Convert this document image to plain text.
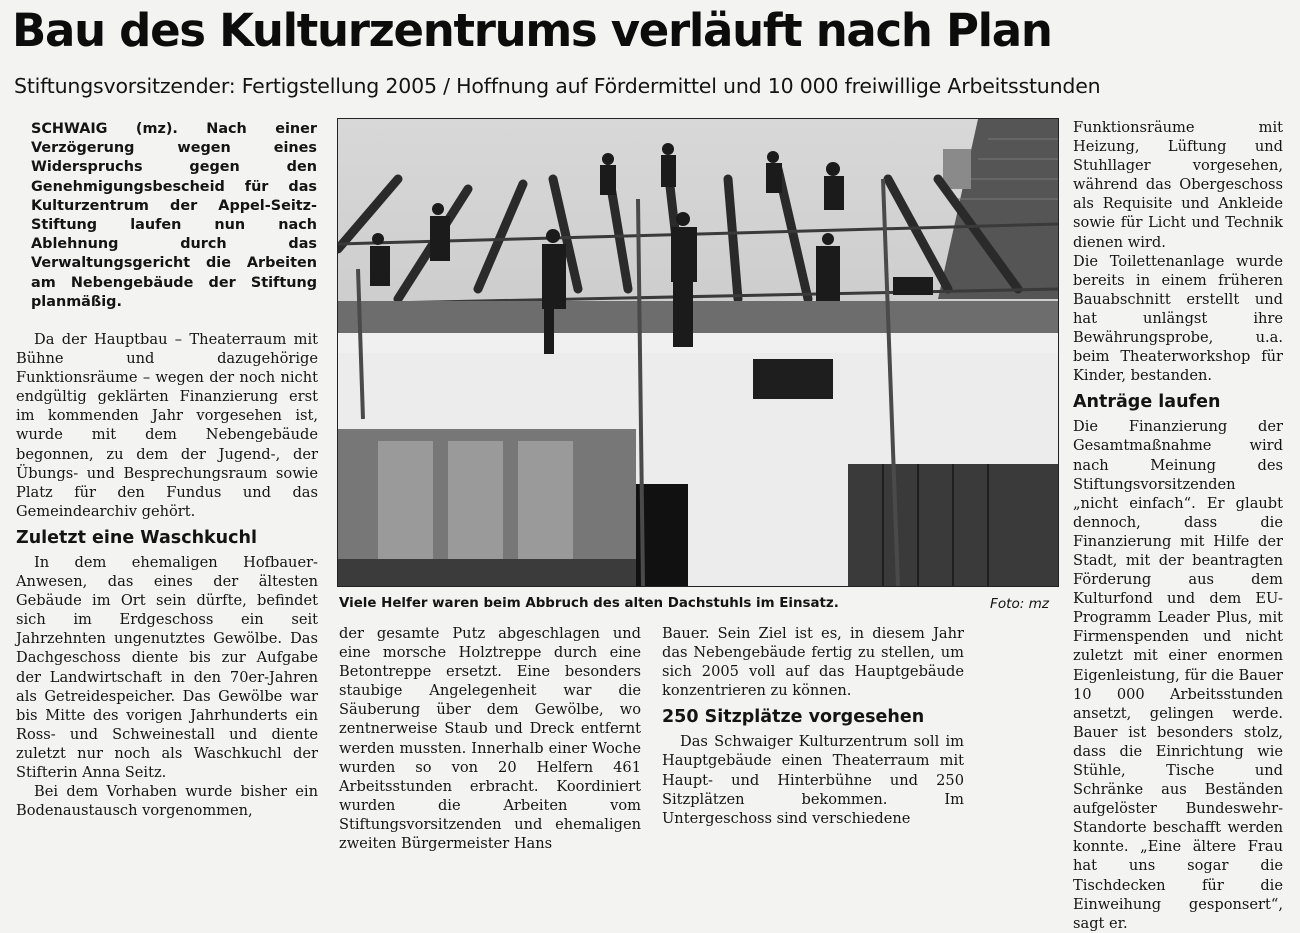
Bau des Kulturzentrums verläuft nach Plan
Stiftungsvorsitzender: Fertigstellung 2005 / Hoffnung auf Fördermittel und 10 000 freiwillige Arbeitsstunden

SCHWAIG (mz). Nach einer Verzögerung wegen eines Widerspruchs gegen den Genehmigungsbescheid für das Kulturzentrum der Appel-Seitz-Stiftung laufen nun nach Ablehnung durch das Verwaltungsgericht die Arbeiten am Nebengebäude der Stiftung planmäßig.

Da der Hauptbau – Theaterraum mit Bühne und dazugehörige Funktionsräume – wegen der noch nicht endgültig geklärten Finanzierung erst im kommenden Jahr vorgesehen ist, wurde mit dem Nebengebäude begonnen, zu dem der Jugend-, der Übungs- und Besprechungsraum sowie Platz für den Fundus und das Gemeindearchiv gehört.

Zuletzt eine Waschkuchl

In dem ehemaligen Hofbauer-Anwesen, das eines der ältesten Gebäude im Ort sein dürfte, befindet sich im Erdgeschoss ein seit Jahrzehnten ungenutztes Gewölbe. Das Dachgeschoss diente bis zur Aufgabe der Landwirtschaft in den 70er-Jahren als Getreidespeicher. Das Gewölbe war bis Mitte des vorigen Jahrhunderts ein Ross- und Schweinestall und diente zuletzt nur noch als Waschkuchl der Stifterin Anna Seitz.

Bei dem Vorhaben wurde bisher ein Bodenaustausch vorgenommen,

Viele Helfer waren beim Abbruch des alten Dachstuhls im Einsatz.	Foto: mz

der gesamte Putz abgeschlagen und eine morsche Holztreppe durch eine Betontreppe ersetzt. Eine besonders staubige Angelegenheit war die Säuberung über dem Gewölbe, wo zentnerweise Staub und Dreck entfernt werden mussten. Innerhalb einer Woche wurden so von 20 Helfern 461 Arbeitsstunden erbracht. Koordiniert wurden die Arbeiten vom Stiftungsvorsitzenden und ehemaligen zweiten Bürgermeister Hans

Bauer. Sein Ziel ist es, in diesem Jahr das Nebengebäude fertig zu stellen, um sich 2005 voll auf das Hauptgebäude konzentrieren zu können.

250 Sitzplätze vorgesehen

Das Schwaiger Kulturzentrum soll im Hauptgebäude einen Theaterraum mit Haupt- und Hinterbühne und 250 Sitzplätzen bekommen. Im Untergeschoss sind verschiedene

Funktionsräume mit Heizung, Lüftung und Stuhllager vorgesehen, während das Obergeschoss als Requisite und Ankleide sowie für Licht und Technik dienen wird.

Die Toilettenanlage wurde bereits in einem früheren Bauabschnitt erstellt und hat unlängst ihre Bewährungsprobe, u.a. beim Theaterworkshop für Kinder, bestanden.

Anträge laufen

Die Finanzierung der Gesamtmaßnahme wird nach Meinung des Stiftungsvorsitzenden „nicht einfach“. Er glaubt dennoch, dass die Finanzierung mit Hilfe der Stadt, mit der beantragten Förderung aus dem Kulturfond und dem EU-Programm Leader Plus, mit Firmenspenden und nicht zuletzt mit einer enormen Eigenleistung, für die Bauer 10 000 Arbeitsstunden ansetzt, gelingen werde. Bauer ist besonders stolz, dass die Einrichtung wie Stühle, Tische und Schränke aus Beständen aufgelöster Bundeswehr-Standorte beschafft werden konnte. „Eine ältere Frau hat uns sogar die Tischdecken für die Einweihung gesponsert“, sagt er.
